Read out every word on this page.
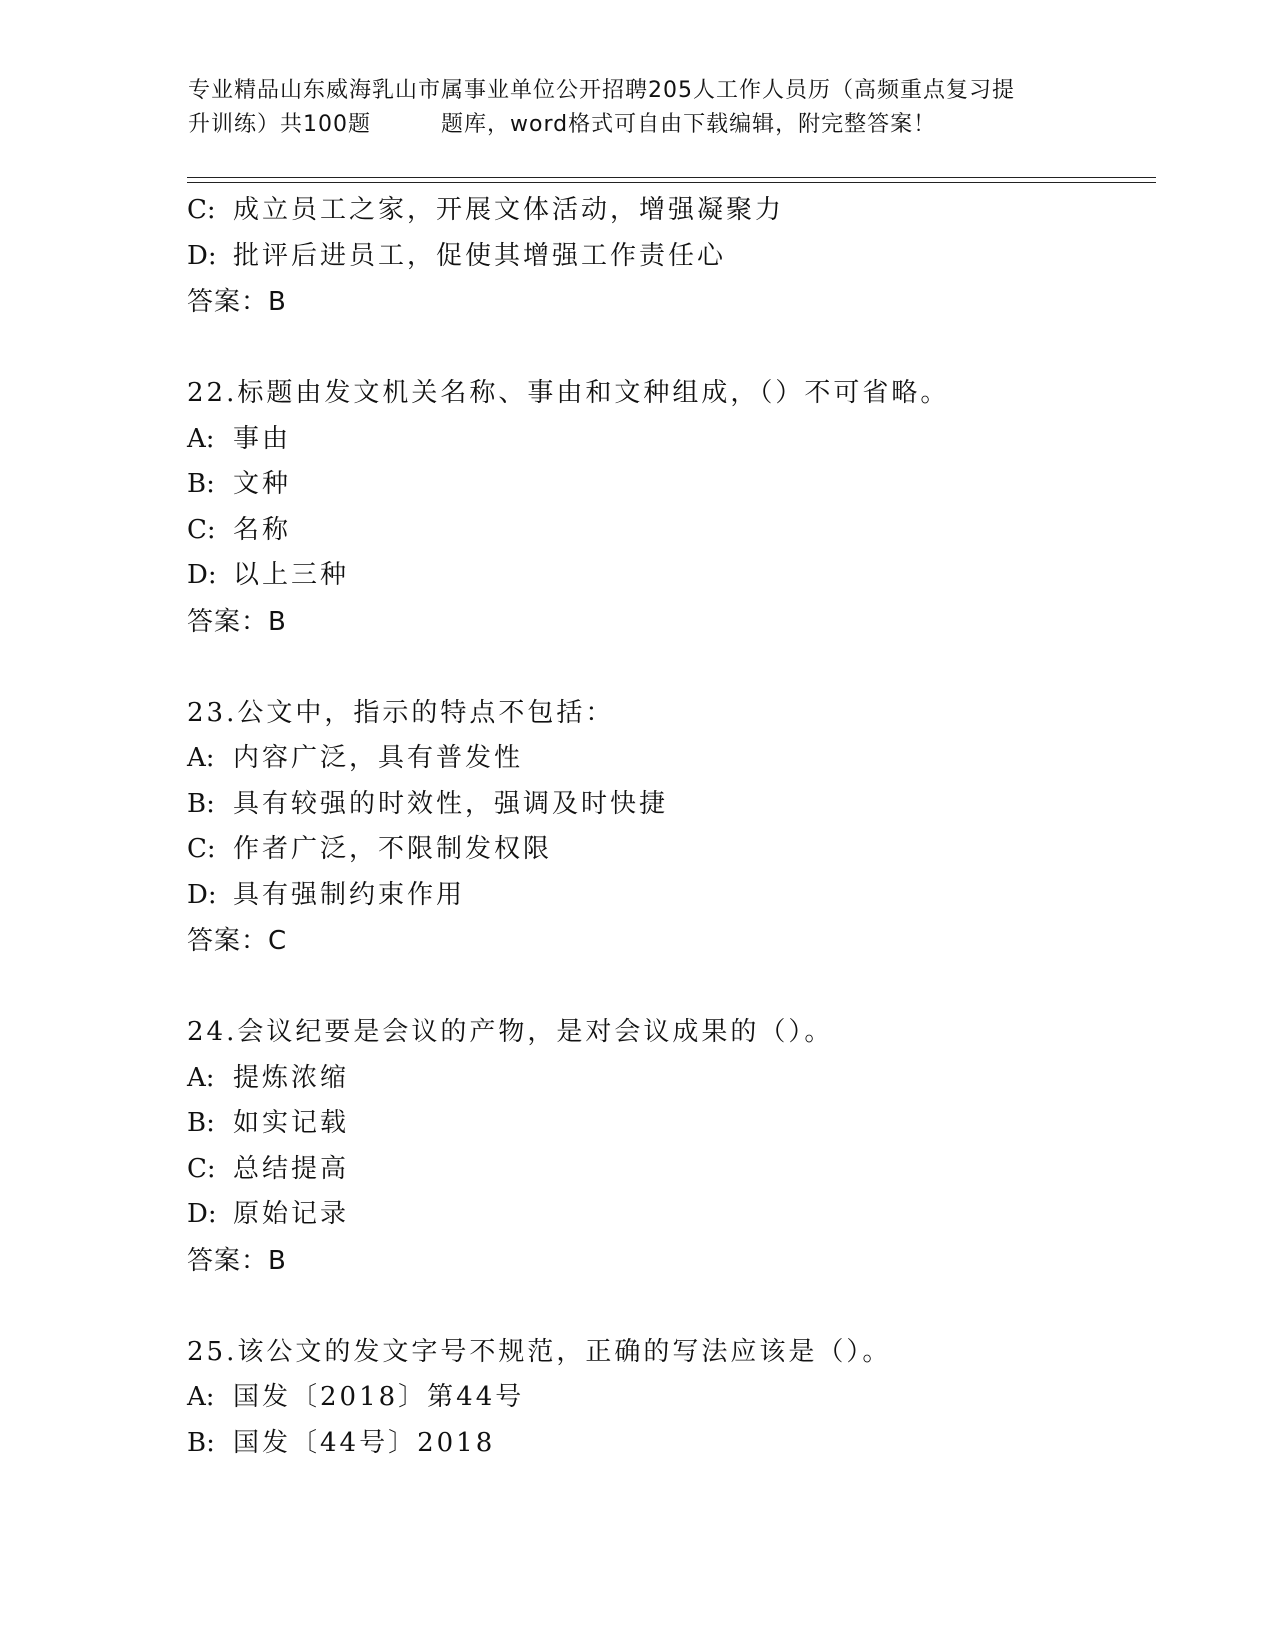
专业精品山东威海乳山市属事业单位公开招聘205人工作人员历（高频重点复习提
升训练）共100题	题库，word格式可自由下载编辑，附完整答案！
C: 成立员工之家，开展文体活动，增强凝聚力
D: 批评后进员工，促使其增强工作责任心
答案：B
22.标题由发文机关名称、事由和文种组成，（）不可省略。
A: 事由
B: 文种
C: 名称
D: 以上三种
答案：B
23.公文中，指示的特点不包括：
A: 内容广泛，具有普发性
B: 具有较强的时效性，强调及时快捷
C: 作者广泛，不限制发权限
D: 具有强制约束作用
答案：C
24.会议纪要是会议的产物，是对会议成果的（）。
A: 提炼浓缩
B: 如实记载
C: 总结提高
D: 原始记录
答案：B
25.该公文的发文字号不规范，正确的写法应该是（）。
A: 国发〔2018〕第44号
B: 国发〔44号〕2018
